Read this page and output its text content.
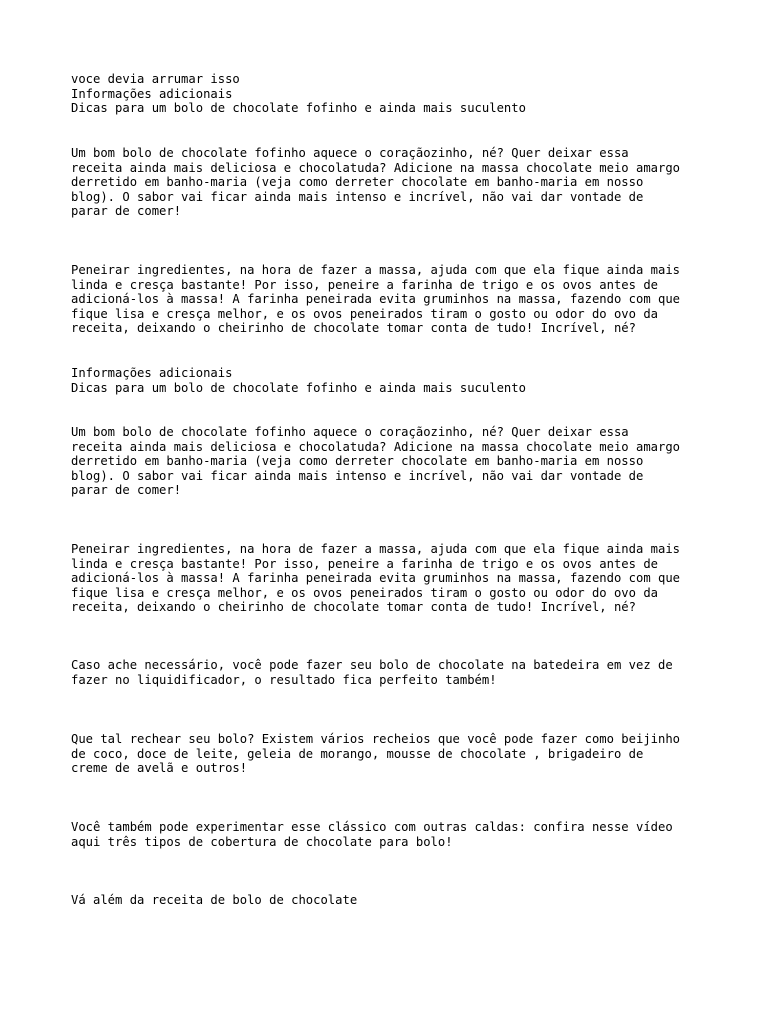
voce devia arrumar isso

Informações adicionais

Dicas para um bolo de chocolate fofinho e ainda mais suculento

Um bom bolo de chocolate fofinho aquece o coraçãozinho, né? Quer deixar essa
receita ainda mais deliciosa e chocolatuda? Adicione na massa chocolate meio amargo
derretido em banho-maria (veja como derreter chocolate em banho-maria em nosso
blog). O sabor vai ficar ainda mais intenso e incrível, não vai dar vontade de
parar de comer!

Peneirar ingredientes, na hora de fazer a massa, ajuda com que ela fique ainda mais
linda e cresça bastante! Por isso, peneire a farinha de trigo e os ovos antes de
adicioná-los à massa! A farinha peneirada evita gruminhos na massa, fazendo com que
fique lisa e cresça melhor, e os ovos peneirados tiram o gosto ou odor do ovo da
receita, deixando o cheirinho de chocolate tomar conta de tudo! Incrível, né?

Informações adicionais

Dicas para um bolo de chocolate fofinho e ainda mais suculento

Um bom bolo de chocolate fofinho aquece o coraçãozinho, né? Quer deixar essa
receita ainda mais deliciosa e chocolatuda? Adicione na massa chocolate meio amargo
derretido em banho-maria (veja como derreter chocolate em banho-maria em nosso
blog). O sabor vai ficar ainda mais intenso e incrível, não vai dar vontade de
parar de comer!

Peneirar ingredientes, na hora de fazer a massa, ajuda com que ela fique ainda mais
linda e cresça bastante! Por isso, peneire a farinha de trigo e os ovos antes de
adicioná-los à massa! A farinha peneirada evita gruminhos na massa, fazendo com que
fique lisa e cresça melhor, e os ovos peneirados tiram o gosto ou odor do ovo da
receita, deixando o cheirinho de chocolate tomar conta de tudo! Incrível, né?

Caso ache necessário, você pode fazer seu bolo de chocolate na batedeira em vez de
fazer no liquidificador, o resultado fica perfeito também!

Que tal rechear seu bolo? Existem vários recheios que você pode fazer como beijinho
de coco, doce de leite, geleia de morango, mousse de chocolate , brigadeiro de
creme de avelã e outros!

Você também pode experimentar esse clássico com outras caldas: confira nesse vídeo
aqui três tipos de cobertura de chocolate para bolo!

Vá além da receita de bolo de chocolate
